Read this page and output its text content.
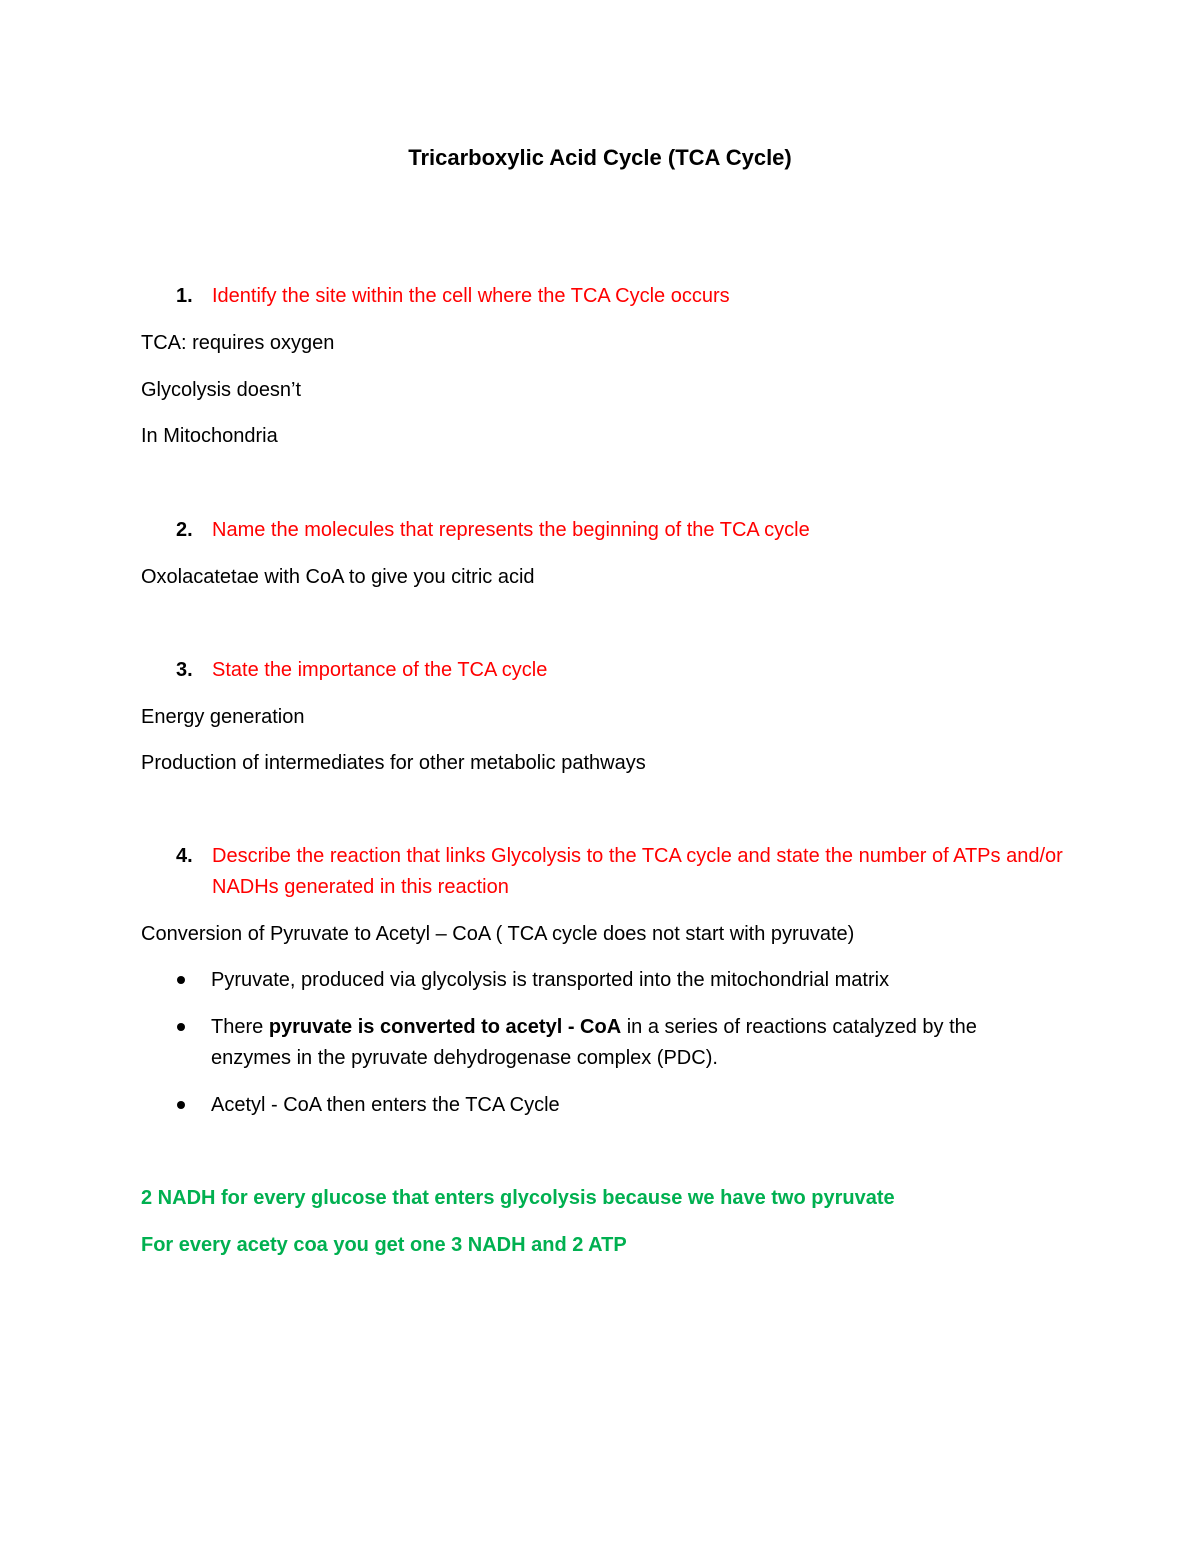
Tricarboxylic Acid Cycle (TCA Cycle)
1. Identify the site within the cell where the TCA Cycle occurs
TCA: requires oxygen
Glycolysis doesn’t
In Mitochondria
2. Name the molecules that represents the beginning of the TCA cycle
Oxolacatetae with CoA to give you citric acid
3. State the importance of the TCA cycle
Energy generation
Production of intermediates for other metabolic pathways
4. Describe the reaction that links Glycolysis to the TCA cycle and state the number of ATPs and/or NADHs generated in this reaction
Conversion of Pyruvate to Acetyl – CoA ( TCA cycle does not start with pyruvate)
Pyruvate, produced via glycolysis is transported into the mitochondrial matrix
There pyruvate is converted to acetyl - CoA in a series of reactions catalyzed by the enzymes in the pyruvate dehydrogenase complex (PDC).
Acetyl - CoA then enters the TCA Cycle
2 NADH for every glucose that enters glycolysis because we have two pyruvate
For every acety coa you get one 3 NADH and 2 ATP
